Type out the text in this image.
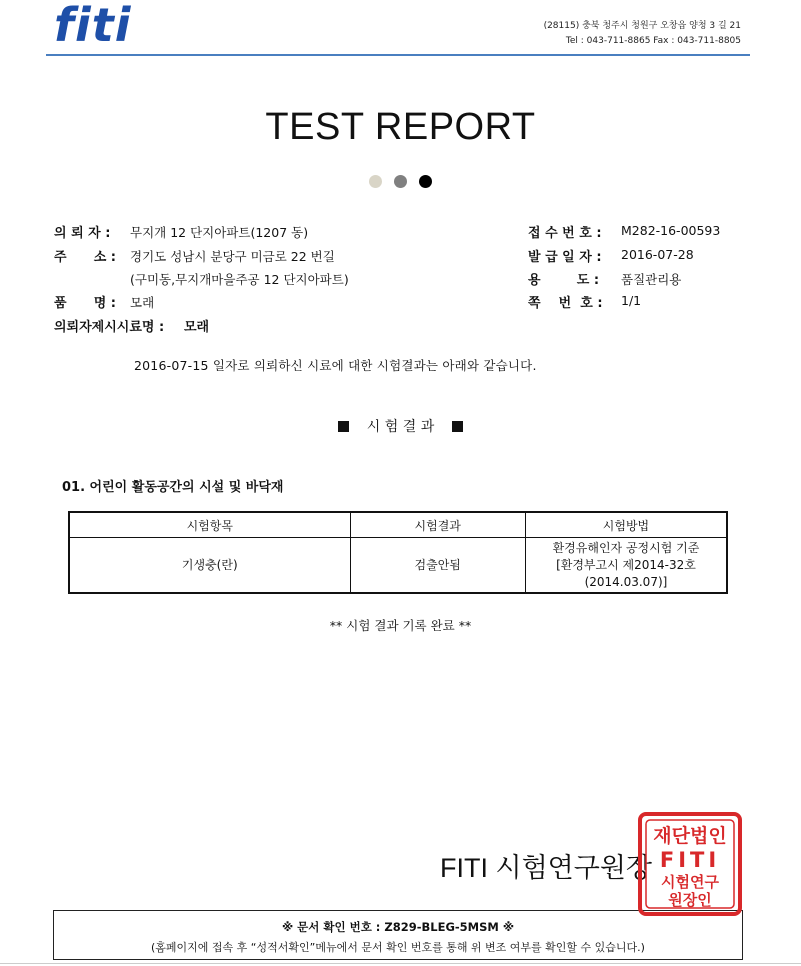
fiti	(28115) 충북 청주시 청원구 오창읍 양청 3 길 21
Tel : 043-711-8865 Fax : 043-711-8805
TEST REPORT

의 뢰 자 : 무지개 12 단지아파트(1207 동)
주      소 : 경기도 성남시 분당구 미금로 22 번길
(구미동,무지개마을주공 12 단지아파트)
품      명 : 모래
의뢰자제시시료명 : 모래
접 수 번 호 : M282-16-00593
발 급 일 자 : 2016-07-28
용        도 : 품질관리용
쪽    번  호 : 1/1
2016-07-15 일자로 의뢰하신 시료에 대한 시험결과는 아래와 같습니다.
시 험 결 과
01. 어린이 활동공간의 시설 및 바닥재
시험항목	시험결과	시험방법
기생충(란)	검출안됨	환경유해인자 공정시험 기준
[환경부고시 제2014-32호
(2014.03.07)]
** 시험 결과 기록 완료 **
FITI 시험연구원장
재단법인
FITI
시험연구
원장인
※ 문서 확인 번호 : Z829-BLEG-5MSM ※
(홈페이지에 접속 후 “성적서확인”메뉴에서 문서 확인 번호를 통해 위 변조 여부를 확인할 수 있습니다.)
